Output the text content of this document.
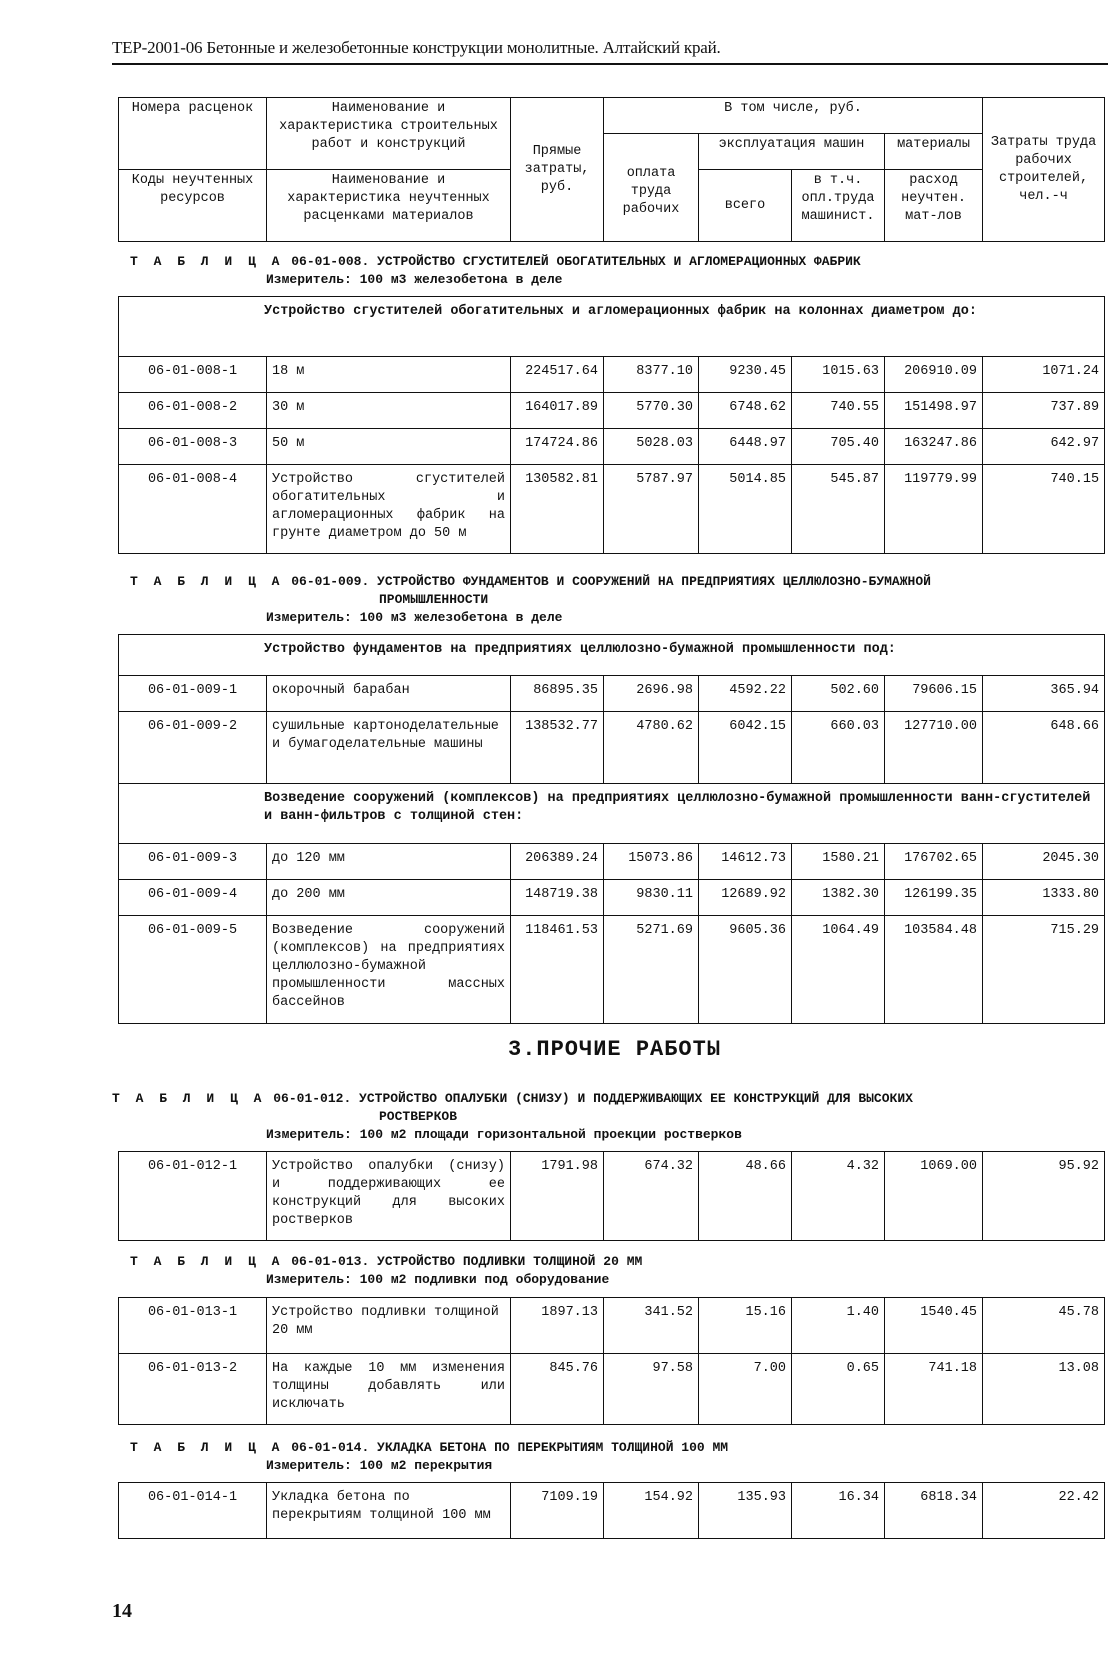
ТЕР-2001-06 Бетонные и железобетонные конструкции монолитные. Алтайский край.
Номера расценок	Наименование и характеристика строительных работ и конструкций	Прямые затраты, руб.	В том числе, руб.				Затраты труда рабочих строителей, чел.-ч
			оплата труда рабочих	эксплуатация машин		материалы	
Коды неучтенных ресурсов	Наименование и характеристика неучтенных расценками материалов			всего	в т.ч. опл.труда машинист.	расход неучтен. мат-лов	
Т А Б Л И Ц А 06-01-008. УСТРОЙСТВО СГУСТИТЕЛЕЙ ОБОГАТИТЕЛЬНЫХ И АГЛОМЕРАЦИОННЫХ ФАБРИК
Измеритель: 100 м3 железобетона в деле
Устройство сгустителей обогатительных и агломерационных фабрик на колоннах диаметром до:							
06-01-008-1	18 м	224517.64	8377.10	9230.45	1015.63	206910.09	1071.24
06-01-008-2	30 м	164017.89	5770.30	6748.62	740.55	151498.97	737.89
06-01-008-3	50 м	174724.86	5028.03	6448.97	705.40	163247.86	642.97
06-01-008-4	Устройство сгустителей обогатительных и агломерационных фабрик на грунте диаметром до 50 м	130582.81	5787.97	5014.85	545.87	119779.99	740.15
Т А Б Л И Ц А 06-01-009. УСТРОЙСТВО ФУНДАМЕНТОВ И СООРУЖЕНИЙ НА ПРЕДПРИЯТИЯХ ЦЕЛЛЮЛОЗНО-БУМАЖНОЙ
ПРОМЫШЛЕННОСТИ
Измеритель: 100 м3 железобетона в деле
Устройство фундаментов на предприятиях целлюлозно-бумажной промышленности под:							
06-01-009-1	окорочный барабан	86895.35	2696.98	4592.22	502.60	79606.15	365.94
06-01-009-2	сушильные картоноделательные и бумагоделательные машины	138532.77	4780.62	6042.15	660.03	127710.00	648.66
Возведение сооружений (комплексов) на предприятиях целлюлозно-бумажной промышленности ванн-сгустителей и ванн-фильтров с толщиной стен:							
06-01-009-3	до 120 мм	206389.24	15073.86	14612.73	1580.21	176702.65	2045.30
06-01-009-4	до 200 мм	148719.38	9830.11	12689.92	1382.30	126199.35	1333.80
06-01-009-5	Возведение сооружений (комплексов) на предприятиях целлюлозно-бумажной промышленности массных бассейнов	118461.53	5271.69	9605.36	1064.49	103584.48	715.29
3.ПРОЧИЕ РАБОТЫ
Т А Б Л И Ц А 06-01-012. УСТРОЙСТВО ОПАЛУБКИ (СНИЗУ) И ПОДДЕРЖИВАЮЩИХ ЕЕ КОНСТРУКЦИЙ ДЛЯ ВЫСОКИХ
РОСТВЕРКОВ
Измеритель: 100 м2 площади горизонтальной проекции ростверков
06-01-012-1	Устройство опалубки (снизу) и поддерживающих ее конструкций для высоких ростверков	1791.98	674.32	48.66	4.32	1069.00	95.92
Т А Б Л И Ц А 06-01-013. УСТРОЙСТВО ПОДЛИВКИ ТОЛЩИНОЙ 20 ММ
Измеритель: 100 м2 подливки под оборудование
06-01-013-1	Устройство подливки толщиной 20 мм	1897.13	341.52	15.16	1.40	1540.45	45.78
06-01-013-2	На каждые 10 мм изменения толщины добавлять или исключать	845.76	97.58	7.00	0.65	741.18	13.08
Т А Б Л И Ц А 06-01-014. УКЛАДКА БЕТОНА ПО ПЕРЕКРЫТИЯМ ТОЛЩИНОЙ 100 ММ
Измеритель: 100 м2 перекрытия
06-01-014-1	Укладка бетона по перекрытиям толщиной 100 мм	7109.19	154.92	135.93	16.34	6818.34	22.42
14
